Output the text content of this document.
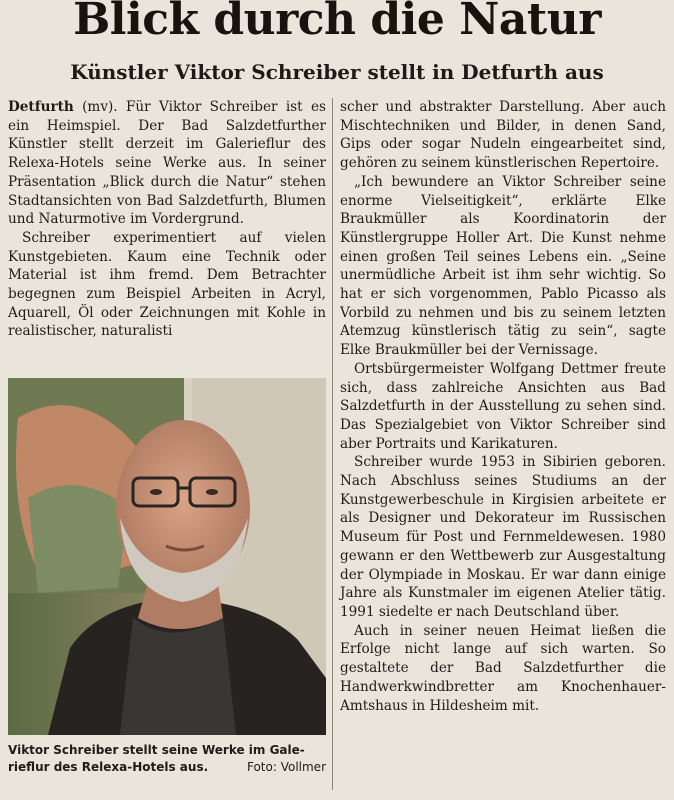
Blick durch die Natur
Künstler Viktor Schreiber stellt in Detfurth aus

Detfurth (mv). Für Viktor Schreiber ist es ein Heimspiel. Der Bad Salzdetfurther Künstler stellt derzeit im Galerieflur des Relexa-Hotels seine Werke aus. In seiner Präsentation „Blick durch die Natur“ stehen Stadtansichten von Bad Salzdetfurth, Blumen und Naturmotive im Vordergrund.

Schreiber experimentiert auf vielen Kunstgebieten. Kaum eine Technik oder Material ist ihm fremd. Dem Betrachter begegnen zum Beispiel Arbeiten in Acryl, Aquarell, Öl oder Zeichnungen mit Kohle in realistischer, naturalisti

Viktor Schreiber stellt seine Werke im Galerieflur des Relexa-Hotels aus.	Foto: Vollmer

scher und abstrakter Darstellung. Aber auch Mischtechniken und Bilder, in denen Sand, Gips oder sogar Nudeln eingearbeitet sind, gehören zu seinem künstlerischen Repertoire.

„Ich bewundere an Viktor Schreiber seine enorme Vielseitigkeit“, erklärte Elke Braukmüller als Koordinatorin der Künstlergruppe Holler Art. Die Kunst nehme einen großen Teil seines Lebens ein. „Seine unermüdliche Arbeit ist ihm sehr wichtig. So hat er sich vorgenommen, Pablo Picasso als Vorbild zu nehmen und bis zu seinem letzten Atemzug künstlerisch tätig zu sein“, sagte Elke Braukmüller bei der Vernissage.

Ortsbürgermeister Wolfgang Dettmer freute sich, dass zahlreiche Ansichten aus Bad Salzdetfurth in der Ausstellung zu sehen sind. Das Spezialgebiet von Viktor Schreiber sind aber Portraits und Karikaturen.

Schreiber wurde 1953 in Sibirien geboren. Nach Abschluss seines Studiums an der Kunstgewerbeschule in Kirgisien arbeitete er als Designer und Dekorateur im Russischen Museum für Post und Fernmeldewesen. 1980 gewann er den Wettbewerb zur Ausgestaltung der Olympiade in Moskau. Er war dann einige Jahre als Kunstmaler im eigenen Atelier tätig. 1991 siedelte er nach Deutschland über.

Auch in seiner neuen Heimat ließen die Erfolge nicht lange auf sich warten. So gestaltete der Bad Salzdetfurther die Handwerkwindbretter am Knochenhauer-Amtshaus in Hildesheim mit.
